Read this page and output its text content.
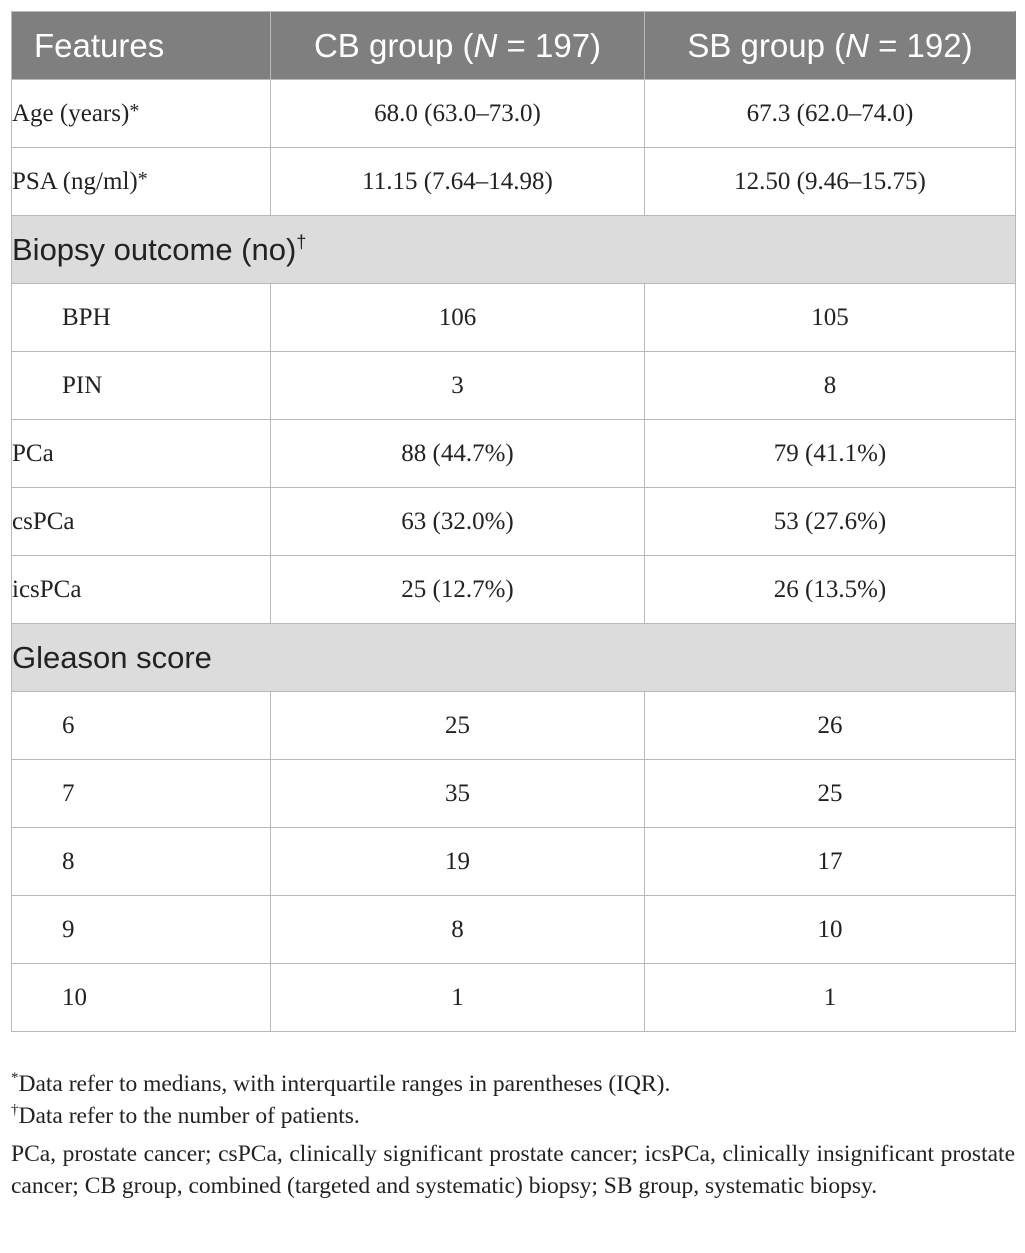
Features	CB group (N = 197)	SB group (N = 192)
Age (years)*	68.0 (63.0–73.0)	67.3 (62.0–74.0)
PSA (ng/ml)*	11.15 (7.64–14.98)	12.50 (9.46–15.75)
Biopsy outcome (no)†
BPH	106	105
PIN	3	8
PCa	88 (44.7%)	79 (41.1%)
csPCa	63 (32.0%)	53 (27.6%)
icsPCa	25 (12.7%)	26 (13.5%)
Gleason score		
6	25	26
7	35	25
8	19	17
9	8	10
10	1	1

*Data refer to medians, with interquartile ranges in parentheses (IQR).

†Data refer to the number of patients.

PCa, prostate cancer; csPCa, clinically significant prostate cancer; icsPCa, clinically insignificant prostate cancer; CB group, combined (targeted and systematic) biopsy; SB group, systematic biopsy.
